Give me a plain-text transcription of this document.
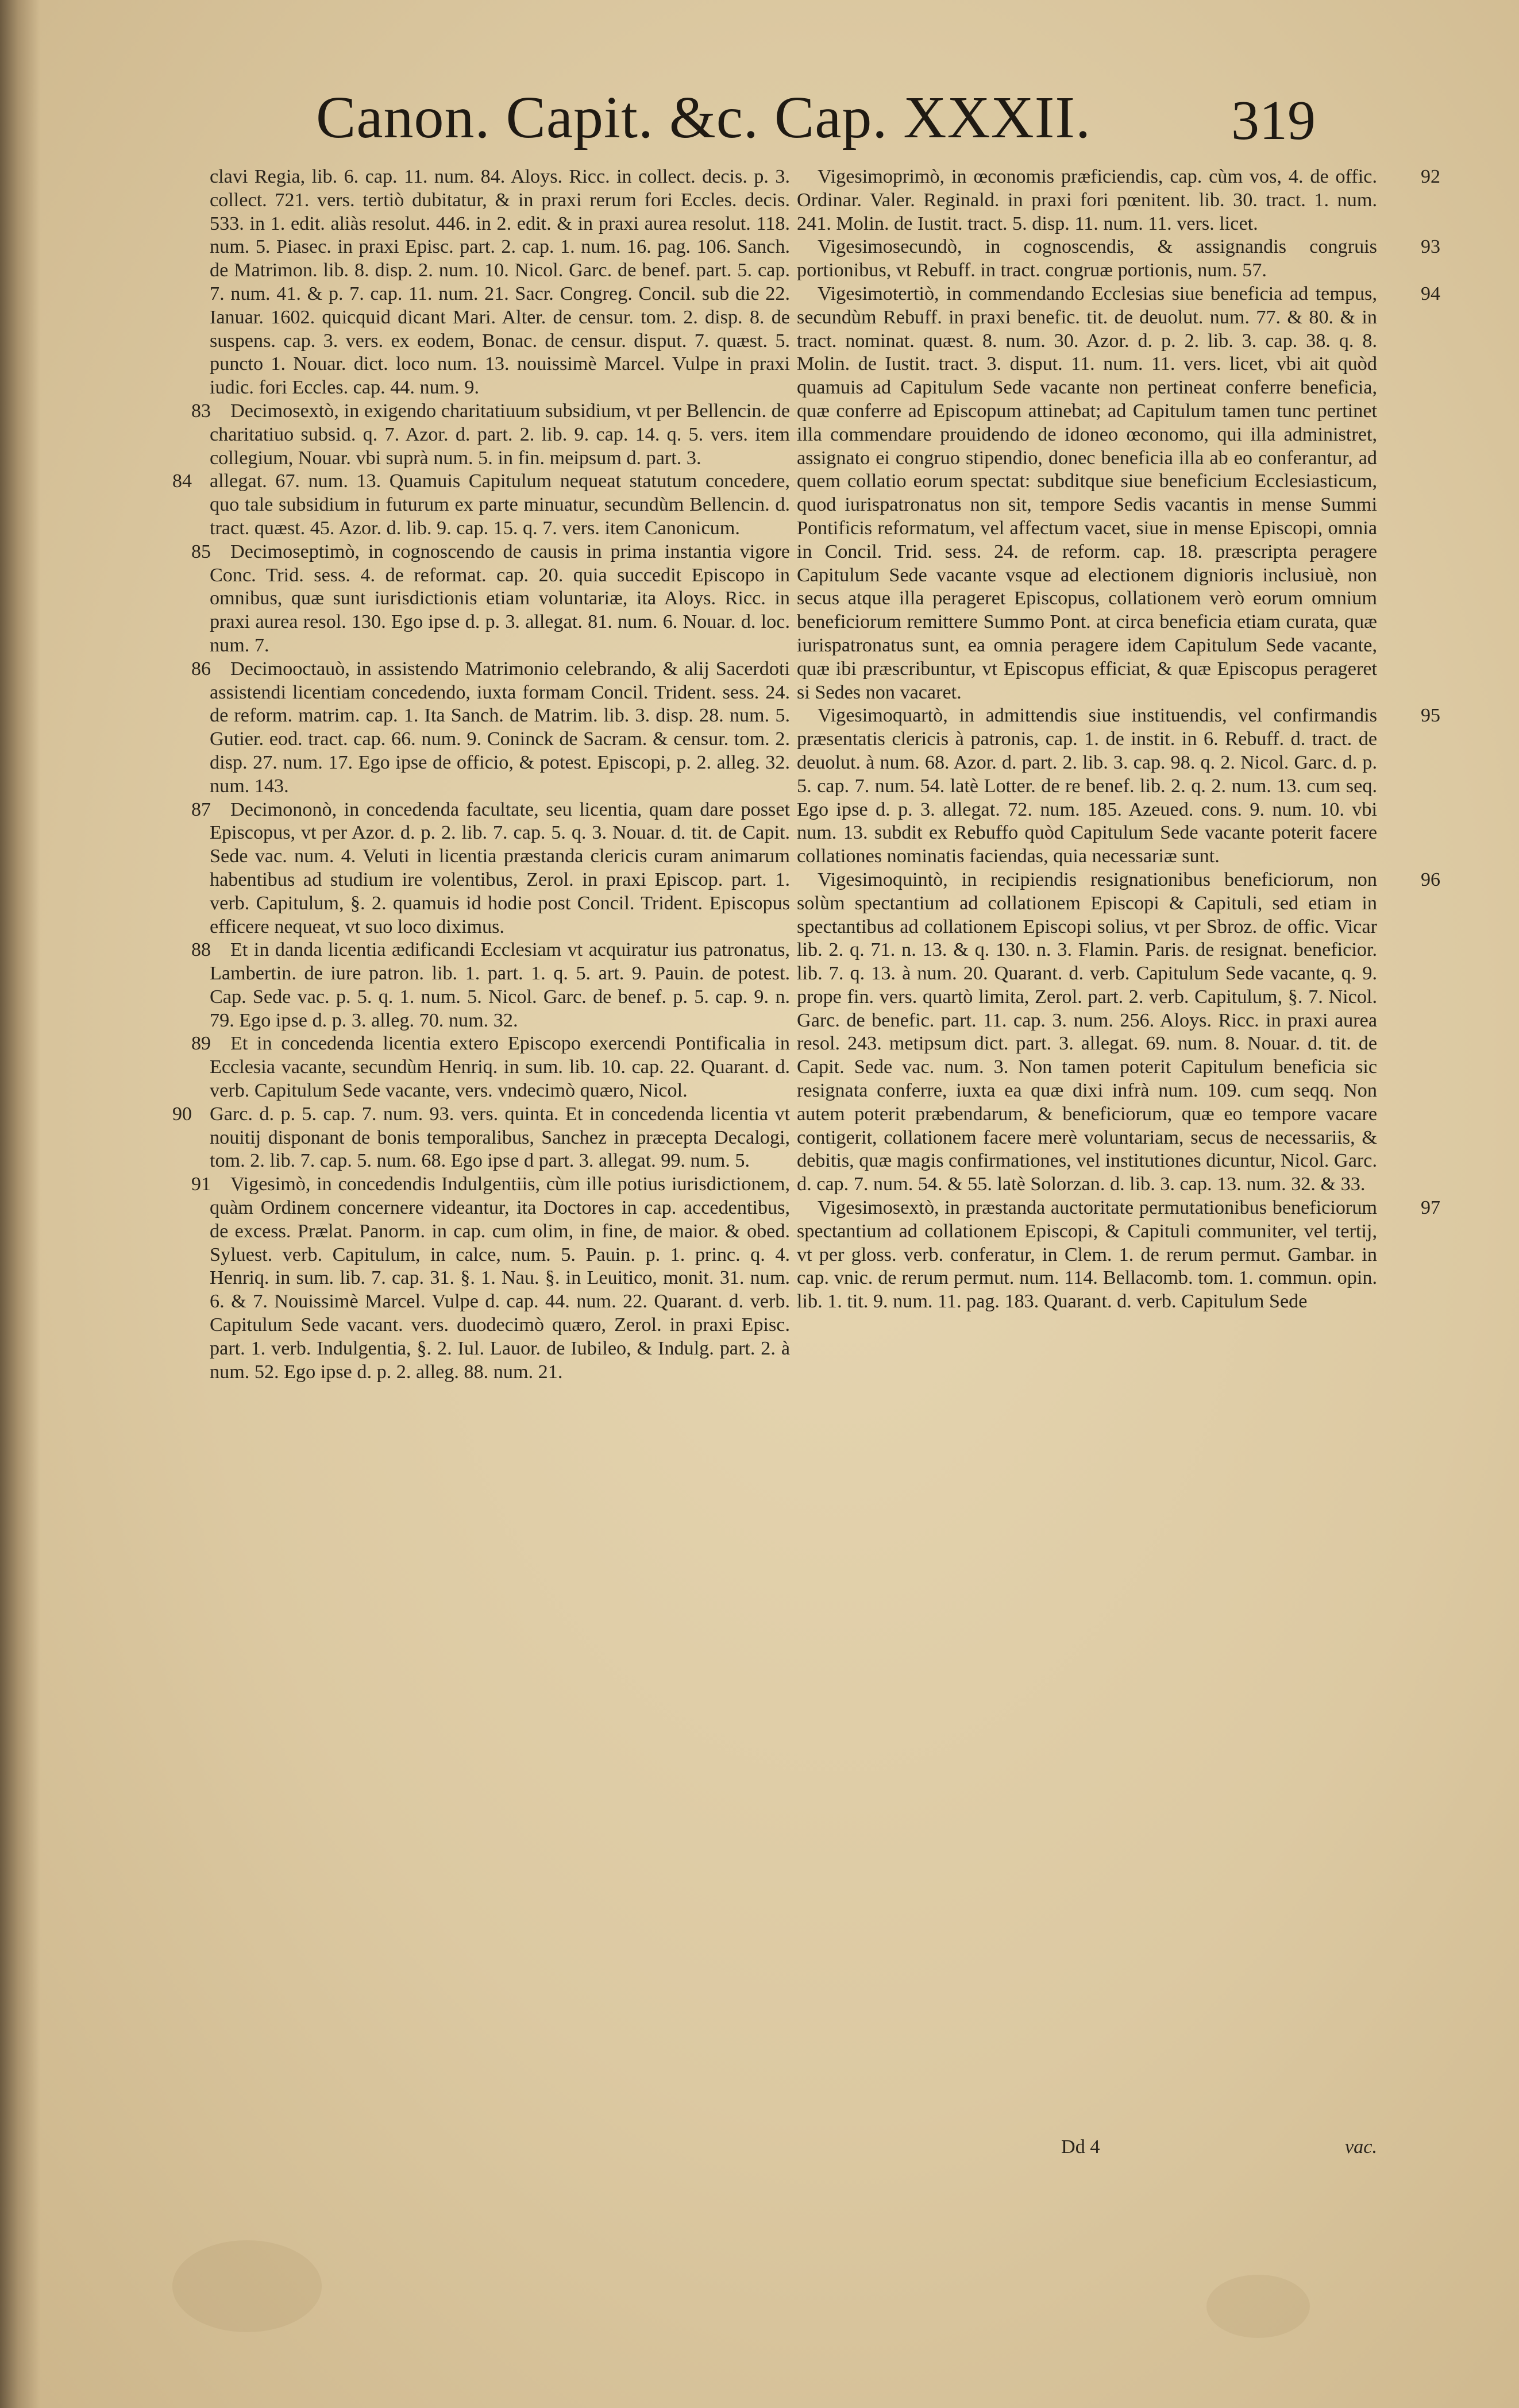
Canon. Capit. &c. Cap. XXXII. 319

clavi Regia, lib. 6. cap. 11. num. 84. Aloys. Ricc. in collect. decis. p. 3. collect. 721. vers. tertiò dubitatur, & in praxi rerum fori Eccles. decis. 533. in 1. edit. aliàs resolut. 446. in 2. edit. & in praxi aurea resolut. 118. num. 5. Piasec. in praxi Episc. part. 2. cap. 1. num. 16. pag. 106. Sanch. de Matrimon. lib. 8. disp. 2. num. 10. Nicol. Garc. de benef. part. 5. cap. 7. num. 41. & p. 7. cap. 11. num. 21. Sacr. Congreg. Concil. sub die 22. Ianuar. 1602. quicquid dicant Mari. Alter. de censur. tom. 2. disp. 8. de suspens. cap. 3. vers. ex eodem, Bonac. de censur. disput. 7. quæst. 5. puncto 1. Nouar. dict. loco num. 13. nouissimè Marcel. Vulpe in praxi iudic. fori Eccles. cap. 44. num. 9.

83 Decimosextò, in exigendo charitatiuum subsidium, vt per Bellencin. de charitatiuo subsid. q. 7. Azor. d. part. 2. lib. 9. cap. 14. q. 5. vers. item collegium, Nouar. vbi suprà num. 5. in fin. meipsum d. part. 3.

84 allegat. 67. num. 13. Quamuis Capitulum nequeat statutum concedere, quo tale subsidium in futurum ex parte minuatur, secundùm Bellencin. d. tract. quæst. 45. Azor. d. lib. 9. cap. 15. q. 7. vers. item Canonicum.

85 Decimoseptimò, in cognoscendo de causis in prima instantia vigore Conc. Trid. sess. 4. de reformat. cap. 20. quia succedit Episcopo in omnibus, quæ sunt iurisdictionis etiam voluntariæ, ita Aloys. Ricc. in praxi aurea resol. 130. Ego ipse d. p. 3. allegat. 81. num. 6. Nouar. d. loc. num. 7.

86 Decimooctauò, in assistendo Matrimonio celebrando, & alij Sacerdoti assistendi licentiam concedendo, iuxta formam Concil. Trident. sess. 24. de reform. matrim. cap. 1. Ita Sanch. de Matrim. lib. 3. disp. 28. num. 5. Gutier. eod. tract. cap. 66. num. 9. Coninck de Sacram. & censur. tom. 2. disp. 27. num. 17. Ego ipse de officio, & potest. Episcopi, p. 2. alleg. 32. num. 143.

87 Decimononò, in concedenda facultate, seu licentia, quam dare posset Episcopus, vt per Azor. d. p. 2. lib. 7. cap. 5. q. 3. Nouar. d. tit. de Capit. Sede vac. num. 4. Veluti in licentia præstanda clericis curam animarum habentibus ad studium ire volentibus, Zerol. in praxi Episcop. part. 1. verb. Capitulum, §. 2. quamuis id hodie post Concil. Trident. Episcopus efficere nequeat, vt suo loco diximus.

88 Et in danda licentia ædificandi Ecclesiam vt acquiratur ius patronatus, Lambertin. de iure patron. lib. 1. part. 1. q. 5. art. 9. Pauin. de potest. Cap. Sede vac. p. 5. q. 1. num. 5. Nicol. Garc. de benef. p. 5. cap. 9. n. 79. Ego ipse d. p. 3. alleg. 70. num. 32.

89 Et in concedenda licentia extero Episcopo exercendi Pontificalia in Ecclesia vacante, secundùm Henriq. in sum. lib. 10. cap. 22. Quarant. d. verb. Capitulum Sede vacante, vers. vndecimò quæro, Nicol.

90 Garc. d. p. 5. cap. 7. num. 93. vers. quinta. Et in concedenda licentia vt nouitij disponant de bonis temporalibus, Sanchez in præcepta Decalogi, tom. 2. lib. 7. cap. 5. num. 68. Ego ipse d part. 3. allegat. 99. num. 5.

91 Vigesimò, in concedendis Indulgentiis, cùm ille potius iurisdictionem, quàm Ordinem concernere videantur, ita Doctores in cap. accedentibus, de excess. Prælat. Panorm. in cap. cum olim, in fine, de maior. & obed. Syluest. verb. Capitulum, in calce, num. 5. Pauin. p. 1. princ. q. 4. Henriq. in sum. lib. 7. cap. 31. §. 1. Nau. §. in Leuitico, monit. 31. num. 6. & 7. Nouissimè Marcel. Vulpe d. cap. 44. num. 22. Quarant. d. verb. Capitulum Sede vacant. vers. duodecimò quæro, Zerol. in praxi Episc. part. 1. verb. Indulgentia, §. 2. Iul. Lauor. de Iubileo, & Indulg. part. 2. à num. 52. Ego ipse d. p. 2. alleg. 88. num. 21.

92
Vigesimoprimò, in œconomis præficiendis, cap. cùm vos, 4. de offic. Ordinar. Valer. Reginald. in praxi fori pœnitent. lib. 30. tract. 1. num. 241. Molin. de Iustit. tract. 5. disp. 11. num. 11. vers. licet.

93
Vigesimosecundò, in cognoscendis, & assignandis congruis portionibus, vt Rebuff. in tract. congruæ portionis, num. 57.

94
Vigesimotertiò, in commendando Ecclesias siue beneficia ad tempus, secundùm Rebuff. in praxi benefic. tit. de deuolut. num. 77. & 80. & in tract. nominat. quæst. 8. num. 30. Azor. d. p. 2. lib. 3. cap. 38. q. 8. Molin. de Iustit. tract. 3. disput. 11. num. 11. vers. licet, vbi ait quòd quamuis ad Capitulum Sede vacante non pertineat conferre beneficia, quæ conferre ad Episcopum attinebat; ad Capitulum tamen tunc pertinet illa commendare prouidendo de idoneo œconomo, qui illa administret, assignato ei congruo stipendio, donec beneficia illa ab eo conferantur, ad quem collatio eorum spectat: subditque siue beneficium Ecclesiasticum, quod iurispatronatus non sit, tempore Sedis vacantis in mense Summi Pontificis reformatum, vel affectum vacet, siue in mense Episcopi, omnia in Concil. Trid. sess. 24. de reform. cap. 18. præscripta peragere Capitulum Sede vacante vsque ad electionem dignioris inclusiuè, non secus atque illa perageret Episcopus, collationem verò eorum omnium beneficiorum remittere Summo Pont. at circa beneficia etiam curata, quæ iurispatronatus sunt, ea omnia peragere idem Capitulum Sede vacante, quæ ibi præscribuntur, vt Episcopus efficiat, & quæ Episcopus perageret si Sedes non vacaret.

95
Vigesimoquartò, in admittendis siue instituendis, vel confirmandis præsentatis clericis à patronis, cap. 1. de instit. in 6. Rebuff. d. tract. de deuolut. à num. 68. Azor. d. part. 2. lib. 3. cap. 98. q. 2. Nicol. Garc. d. p. 5. cap. 7. num. 54. latè Lotter. de re benef. lib. 2. q. 2. num. 13. cum seq. Ego ipse d. p. 3. allegat. 72. num. 185. Azeued. cons. 9. num. 10. vbi num. 13. subdit ex Rebuffo quòd Capitulum Sede vacante poterit facere collationes nominatis faciendas, quia necessariæ sunt.

96
Vigesimoquintò, in recipiendis resignationibus beneficiorum, non solùm spectantium ad collationem Episcopi & Capituli, sed etiam in spectantibus ad collationem Episcopi solius, vt per Sbroz. de offic. Vicar lib. 2. q. 71. n. 13. & q. 130. n. 3. Flamin. Paris. de resignat. beneficior. lib. 7. q. 13. à num. 20. Quarant. d. verb. Capitulum Sede vacante, q. 9. prope fin. vers. quartò limita, Zerol. part. 2. verb. Capitulum, §. 7. Nicol. Garc. de benefic. part. 11. cap. 3. num. 256. Aloys. Ricc. in praxi aurea resol. 243. metipsum dict. part. 3. allegat. 69. num. 8. Nouar. d. tit. de Capit. Sede vac. num. 3. Non tamen poterit Capitulum beneficia sic resignata conferre, iuxta ea quæ dixi infrà num. 109. cum seqq. Non autem poterit præbendarum, & beneficiorum, quæ eo tempore vacare contigerit, collationem facere merè voluntariam, secus de necessariis, & debitis, quæ magis confirmationes, vel institutiones dicuntur, Nicol. Garc. d. cap. 7. num. 54. & 55. latè Solorzan. d. lib. 3. cap. 13. num. 32. & 33.

97
Vigesimosextò, in præstanda auctoritate permutationibus beneficiorum spectantium ad collationem Episcopi, & Capituli communiter, vel tertij, vt per gloss. verb. conferatur, in Clem. 1. de rerum permut. Gambar. in cap. vnic. de rerum permut. num. 114. Bellacomb. tom. 1. commun. opin. lib. 1. tit. 9. num. 11. pag. 183. Quarant. d. verb. Capitulum Sede

Dd 4	vac.
